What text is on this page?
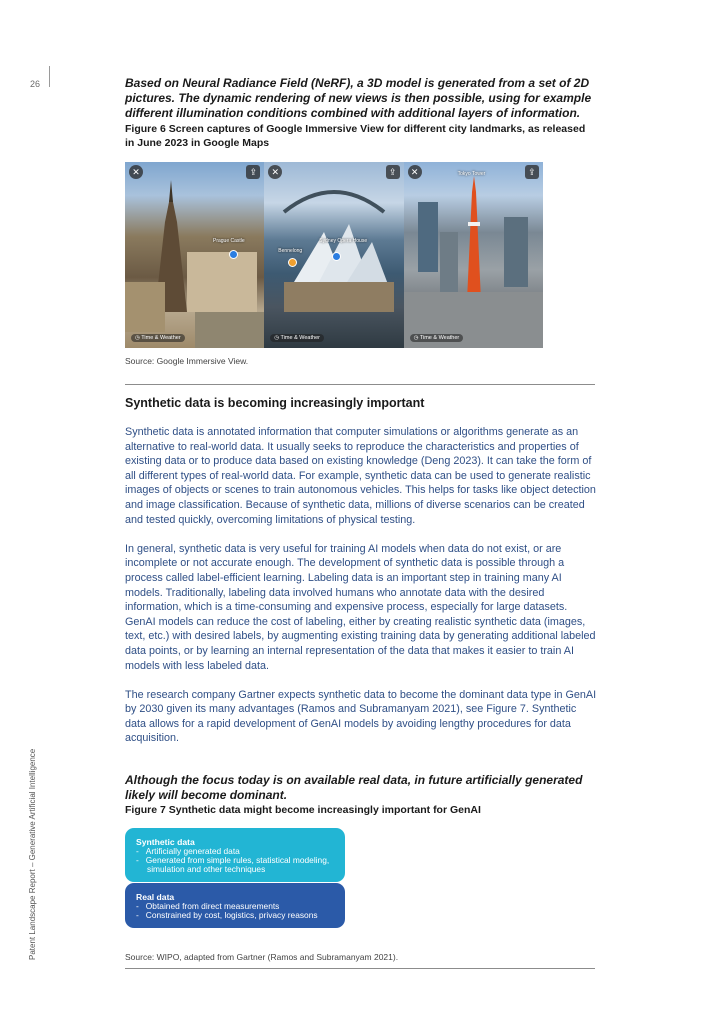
26
Patent Landscape Report – Generative Artificial Intelligence
Based on Neural Radiance Field (NeRF), a 3D model is generated from a set of 2D pictures. The dynamic rendering of new views is then possible, using for example different illumination conditions combined with additional layers of information.
Figure 6 Screen captures of Google Immersive View for different city landmarks, as released in June 2023 in Google Maps
✕	⇪
Prague Castle
◷ Time & Weather
✕	⇪
Sydney Opera House
Bennelong
◷ Time & Weather
✕	⇪
Tokyo Tower
◷ Time & Weather
Source: Google Immersive View.
Synthetic data is becoming increasingly important

Synthetic data is annotated information that computer simulations or algorithms generate as an alternative to real-world data. It usually seeks to reproduce the characteristics and properties of existing data or to produce data based on existing knowledge (Deng 2023). It can take the form of all different types of real-world data. For example, synthetic data can be used to generate realistic images of objects or scenes to train autonomous vehicles. This helps for tasks like object detection and image classification. Because of synthetic data, millions of diverse scenarios can be created and tested quickly, overcoming limitations of physical testing.

In general, synthetic data is very useful for training AI models when data do not exist, or are incomplete or not accurate enough. The development of synthetic data is possible through a process called label-efficient learning. Labeling data is an important step in training many AI models. Traditionally, labeling data involved humans who annotate data with the desired information, which is a time-consuming and expensive process, especially for large datasets. GenAI models can reduce the cost of labeling, either by creating realistic synthetic data (images, text, etc.) with desired labels, by augmenting existing training data by generating additional labeled data points, or by learning an internal representation of the data that makes it easier to train AI models with less labeled data.

The research company Gartner expects synthetic data to become the dominant data type in GenAI by 2030 given its many advantages (Ramos and Subramanyam 2021), see Figure 7. Synthetic data allows for a rapid development of GenAI models by avoiding lengthy procedures for data acquisition.

Although the focus today is on available real data, in future artificially generated likely will become dominant.
Figure 7 Synthetic data might become increasingly important for GenAI
Synthetic data
- Artificially generated data
- Generated from simple rules, statistical modeling, simulation and other techniques
Real data
- Obtained from direct measurements
- Constrained by cost, logistics, privacy reasons
Source: WIPO, adapted from Gartner (Ramos and Subramanyam 2021).
